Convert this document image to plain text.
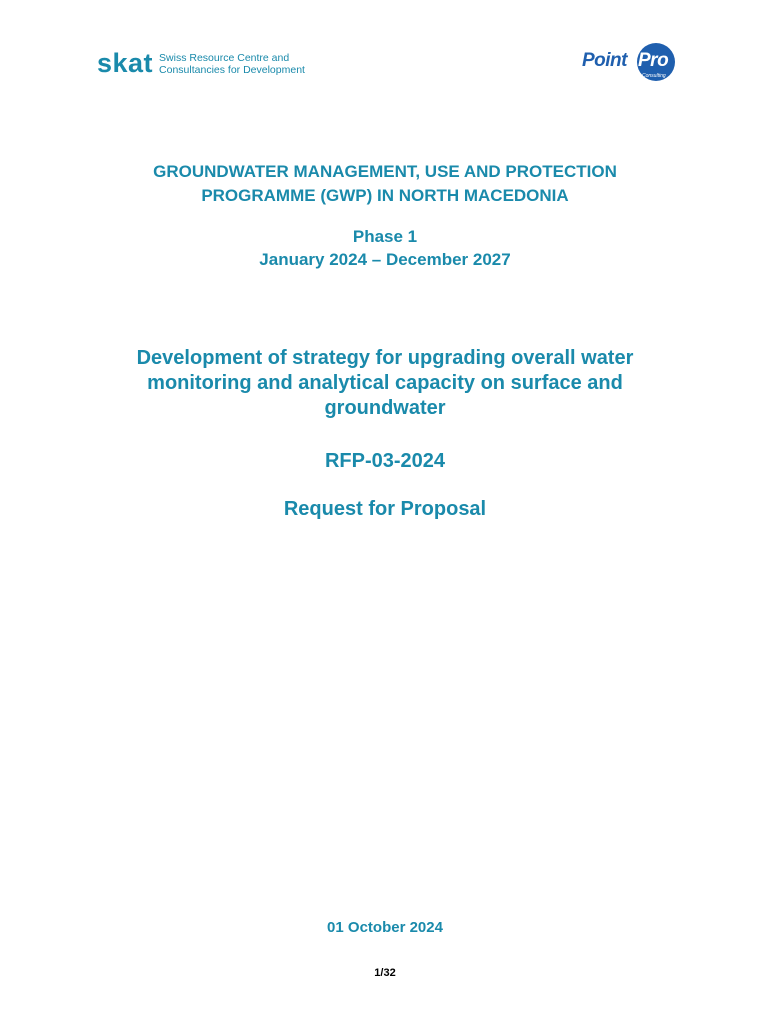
skat Swiss Resource Centre and
Consultancies for Development	Point Pro
Consulting
GROUNDWATER MANAGEMENT, USE AND PROTECTION
PROGRAMME (GWP) IN NORTH MACEDONIA
Phase 1
January 2024 – December 2027
Development of strategy for upgrading overall water
monitoring and analytical capacity on surface and
groundwater
RFP-03-2024
Request for Proposal
01 October 2024
1/32
